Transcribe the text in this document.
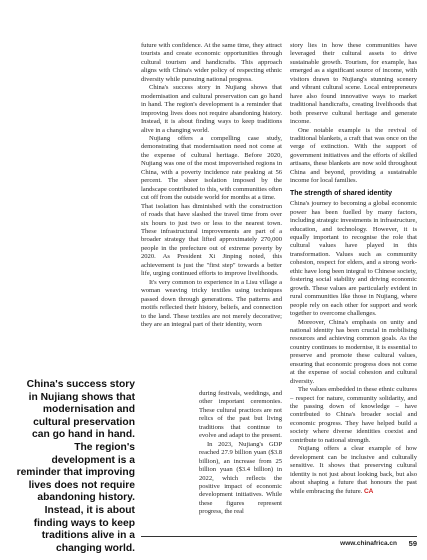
future with confidence. At the same time, they attract tourists and create economic opportunities through cultural tourism and handicrafts. This approach aligns with China's wider policy of respecting ethnic diversity while pursuing national progress.

China's success story in Nujiang shows that modernisation and cultural preservation can go hand in hand. The region's development is a reminder that improving lives does not require abandoning history. Instead, it is about finding ways to keep traditions alive in a changing world.

Nujiang offers a compelling case study, demonstrating that modernisation need not come at the expense of cultural heritage. Before 2020, Nujiang was one of the most impoverished regions in China, with a poverty incidence rate peaking at 56 percent. The sheer isolation imposed by the landscape contributed to this, with communities often cut off from the outside world for months at a time.

That isolation has diminished with the construction of roads that have slashed the travel time from over six hours to just two or less to the nearest town. These infrastructural improvements are part of a broader strategy that lifted approximately 270,000 people in the prefecture out of extreme poverty by 2020. As President Xi Jinping noted, this achievement is just the "first step" towards a better life, urging continued efforts to improve livelihoods.

It's very common to experience in a Lisu village a woman weaving tricky textiles using techniques passed down through generations. The patterns and motifs reflected their history, beliefs, and connection to the land. These textiles are not merely decorative; they are an integral part of their identity, worn

during festivals, weddings, and other important ceremonies. These cultural practices are not relics of the past but living traditions that continue to evolve and adapt to the present.

In 2023, Nujiang's GDP reached 27.9 billion yuan ($3.8 billion), an increase from 25 billion yuan ($3.4 billion) in 2022, which reflects the positive impact of economic development initiatives. While these figures represent progress, the real

China's success story in Nujiang shows that modernisation and cultural preservation can go hand in hand. The region's development is a reminder that improving lives does not require abandoning history. Instead, it is about finding ways to keep traditions alive in a changing world.

story lies in how these communities have leveraged their cultural assets to drive sustainable growth. Tourism, for example, has emerged as a significant source of income, with visitors drawn to Nujiang's stunning scenery and vibrant cultural scene. Local entrepreneurs have also found innovative ways to market traditional handicrafts, creating livelihoods that both preserve cultural heritage and generate income.

One notable example is the revival of traditional blankets, a craft that was once on the verge of extinction. With the support of government initiatives and the efforts of skilled artisans, these blankets are now sold throughout China and beyond, providing a sustainable income for local families.

The strength of shared identity

China's journey to becoming a global economic power has been fuelled by many factors, including strategic investments in infrastructure, education, and technology. However, it is equally important to recognise the role that cultural values have played in this transformation. Values such as community cohesion, respect for elders, and a strong work-ethic have long been integral to Chinese society, fostering social stability and driving economic growth. These values are particularly evident in rural communities like those in Nujiang, where people rely on each other for support and work together to overcome challenges.

Moreover, China's emphasis on unity and national identity has been crucial in mobilising resources and achieving common goals. As the country continues to modernise, it is essential to preserve and promote these cultural values, ensuring that economic progress does not come at the expense of social cohesion and cultural diversity.

The values embedded in these ethnic cultures – respect for nature, community solidarity, and the passing down of knowledge – have contributed to China's broader social and economic progress. They have helped build a society where diverse identities coexist and contribute to national strength.

Nujiang offers a clear example of how development can be inclusive and culturally sensitive. It shows that preserving cultural identity is not just about looking back, but also about shaping a future that honours the past while embracing the future. CA

www.chinafrica.cn 59
